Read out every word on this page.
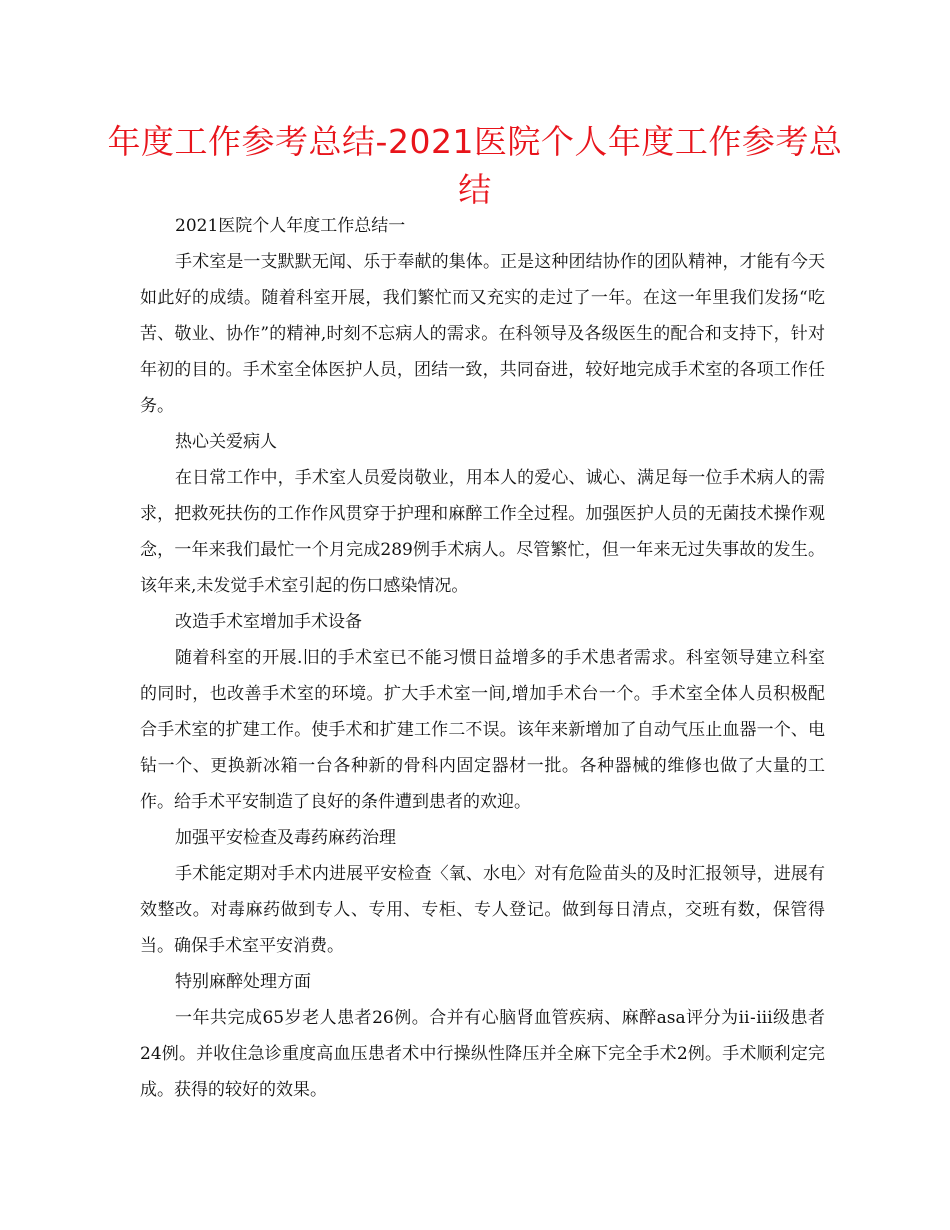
年度工作参考总结-2021医院个人年度工作参考总结

2021医院个人年度工作总结一

手术室是一支默默无闻、乐于奉献的集体。正是这种团结协作的团队精神，才能有今天如此好的成绩。随着科室开展，我们繁忙而又充实的走过了一年。在这一年里我们发扬“吃苦、敬业、协作”的精神,时刻不忘病人的需求。在科领导及各级医生的配合和支持下，针对年初的目的。手术室全体医护人员，团结一致，共同奋进，较好地完成手术室的各项工作任务。

热心关爱病人

在日常工作中，手术室人员爱岗敬业，用本人的爱心、诚心、满足每一位手术病人的需求，把救死扶伤的工作作风贯穿于护理和麻醉工作全过程。加强医护人员的无菌技术操作观念，一年来我们最忙一个月完成289例手术病人。尽管繁忙，但一年来无过失事故的发生。该年来,未发觉手术室引起的伤口感染情况。

改造手术室增加手术设备

随着科室的开展.旧的手术室已不能习惯日益增多的手术患者需求。科室领导建立科室的同时，也改善手术室的环境。扩大手术室一间,增加手术台一个。手术室全体人员积极配合手术室的扩建工作。使手术和扩建工作二不误。该年来新增加了自动气压止血器一个、电钻一个、更换新冰箱一台各种新的骨科内固定器材一批。各种器械的维修也做了大量的工作。给手术平安制造了良好的条件遭到患者的欢迎。

加强平安检查及毒药麻药治理

手术能定期对手术内进展平安检查〈氧、水电〉对有危险苗头的及时汇报领导，进展有效整改。对毒麻药做到专人、专用、专柜、专人登记。做到每日清点，交班有数，保管得当。确保手术室平安消费。

特别麻醉处理方面

一年共完成65岁老人患者26例。合并有心脑肾血管疾病、麻醉asa评分为ⅱ-ⅲ级患者24例。并收住急诊重度高血压患者术中行操纵性降压并全麻下完全手术2例。手术顺利定完成。获得的较好的效果。
